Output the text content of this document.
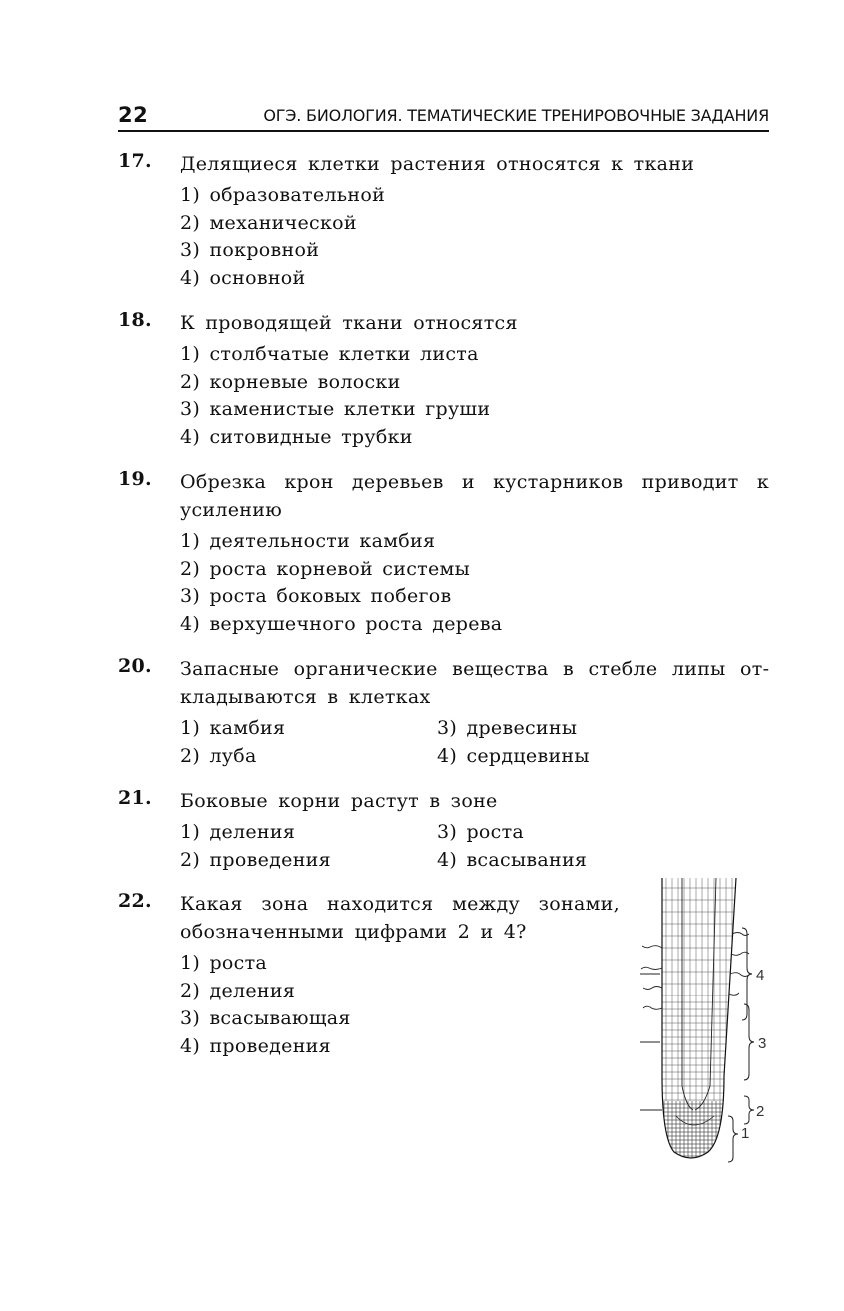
22	ОГЭ. БИОЛОГИЯ. ТЕМАТИЧЕСКИЕ ТРЕНИРОВОЧНЫЕ ЗАДАНИЯ
17. Делящиеся клетки растения относятся к ткани
1) образовательной
2) механической
3) покровной
4) основной
18. К проводящей ткани относятся
1) столбчатые клетки листа
2) корневые волоски
3) каменистые клетки груши
4) ситовидные трубки
19. Обрезка крон деревьев и кустарников приводит к усилению
1) деятельности камбия
2) роста корневой системы
3) роста боковых побегов
4) верхушечного роста дерева
20. Запасные органические вещества в стебле липы откладываются в клетках
1) камбия	3) древесины
2) луба	4) сердцевины
21. Боковые корни растут в зоне
1) деления	3) роста
2) проведения	4) всасывания
22. Какая зона находится между зонами, обозначенными цифрами 2 и 4?
1) роста
2) деления
3) всасывающая
4) проведения
4
3
2
1
